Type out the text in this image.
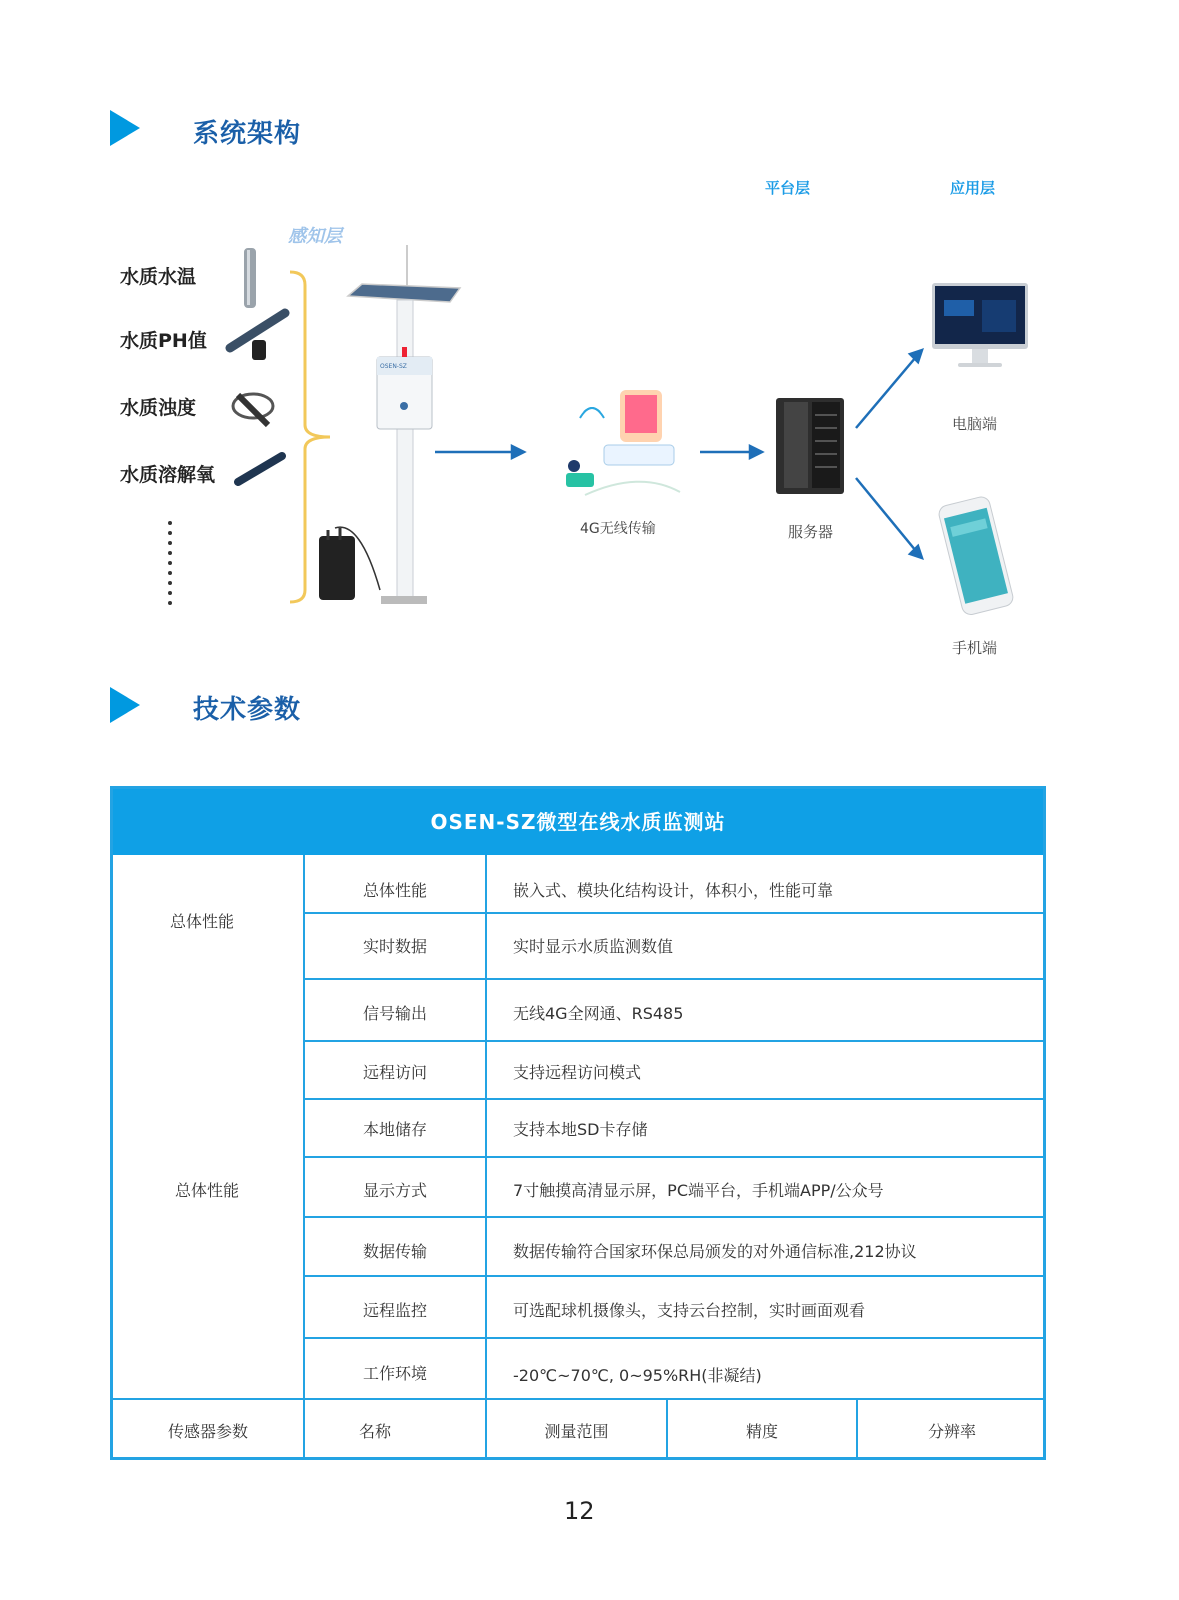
系统架构
平台层	应用层
感知层
水质水温
水质PH值
水质浊度
水质溶解氧
OSEN-SZ
4G无线传输	服务器
电脑端
手机端
技术参数
OSEN-SZ微型在线水质监测站
总体性能
总体性能
总体性能	嵌入式、模块化结构设计，体积小，性能可靠
实时数据	实时显示水质监测数值
信号输出	无线4G全网通、RS485
远程访问	支持远程访问模式
本地储存	支持本地SD卡存储
显示方式	7寸触摸高清显示屏，PC端平台，手机端APP/公众号
数据传输	数据传输符合国家环保总局颁发的对外通信标准,212协议
远程监控	可选配球机摄像头，支持云台控制，实时画面观看
工作环境	-20℃~70℃, 0~95%RH(非凝结)
传感器参数	名称	测量范围	精度	分辨率
12
